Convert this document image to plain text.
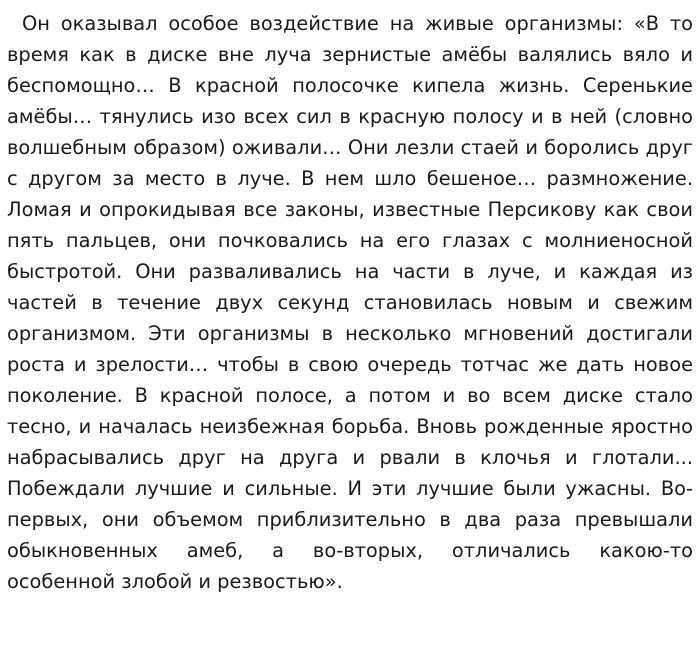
Он оказывал особое воздействие на живые организмы: «В то время как в диске вне луча зернистые амёбы валялись вяло и беспомощно… В красной полосочке кипела жизнь. Серенькие амёбы… тянулись изо всех сил в красную полосу и в ней (словно волшебным образом) оживали… Они лезли стаей и боролись друг с другом за место в луче. В нем шло бешеное… размножение. Ломая и опрокидывая все законы, известные Персикову как свои пять пальцев, они почковались на его глазах с молниеносной быстротой. Они разваливались на части в луче, и каждая из частей в течение двух секунд становилась новым и свежим организмом. Эти организмы в несколько мгновений достигали роста и зрелости… чтобы в свою очередь тотчас же дать новое поколение. В красной полосе, а потом и во всем диске стало тесно, и началась неизбежная борьба. Вновь рожденные яростно набрасывались друг на друга и рвали в клочья и глотали... Побеждали лучшие и сильные. И эти лучшие были ужасны. Во-первых, они объемом приблизительно в два раза превышали обыкновенных амеб, а во-вторых, отличались какою-то особенной злобой и резвостью».
